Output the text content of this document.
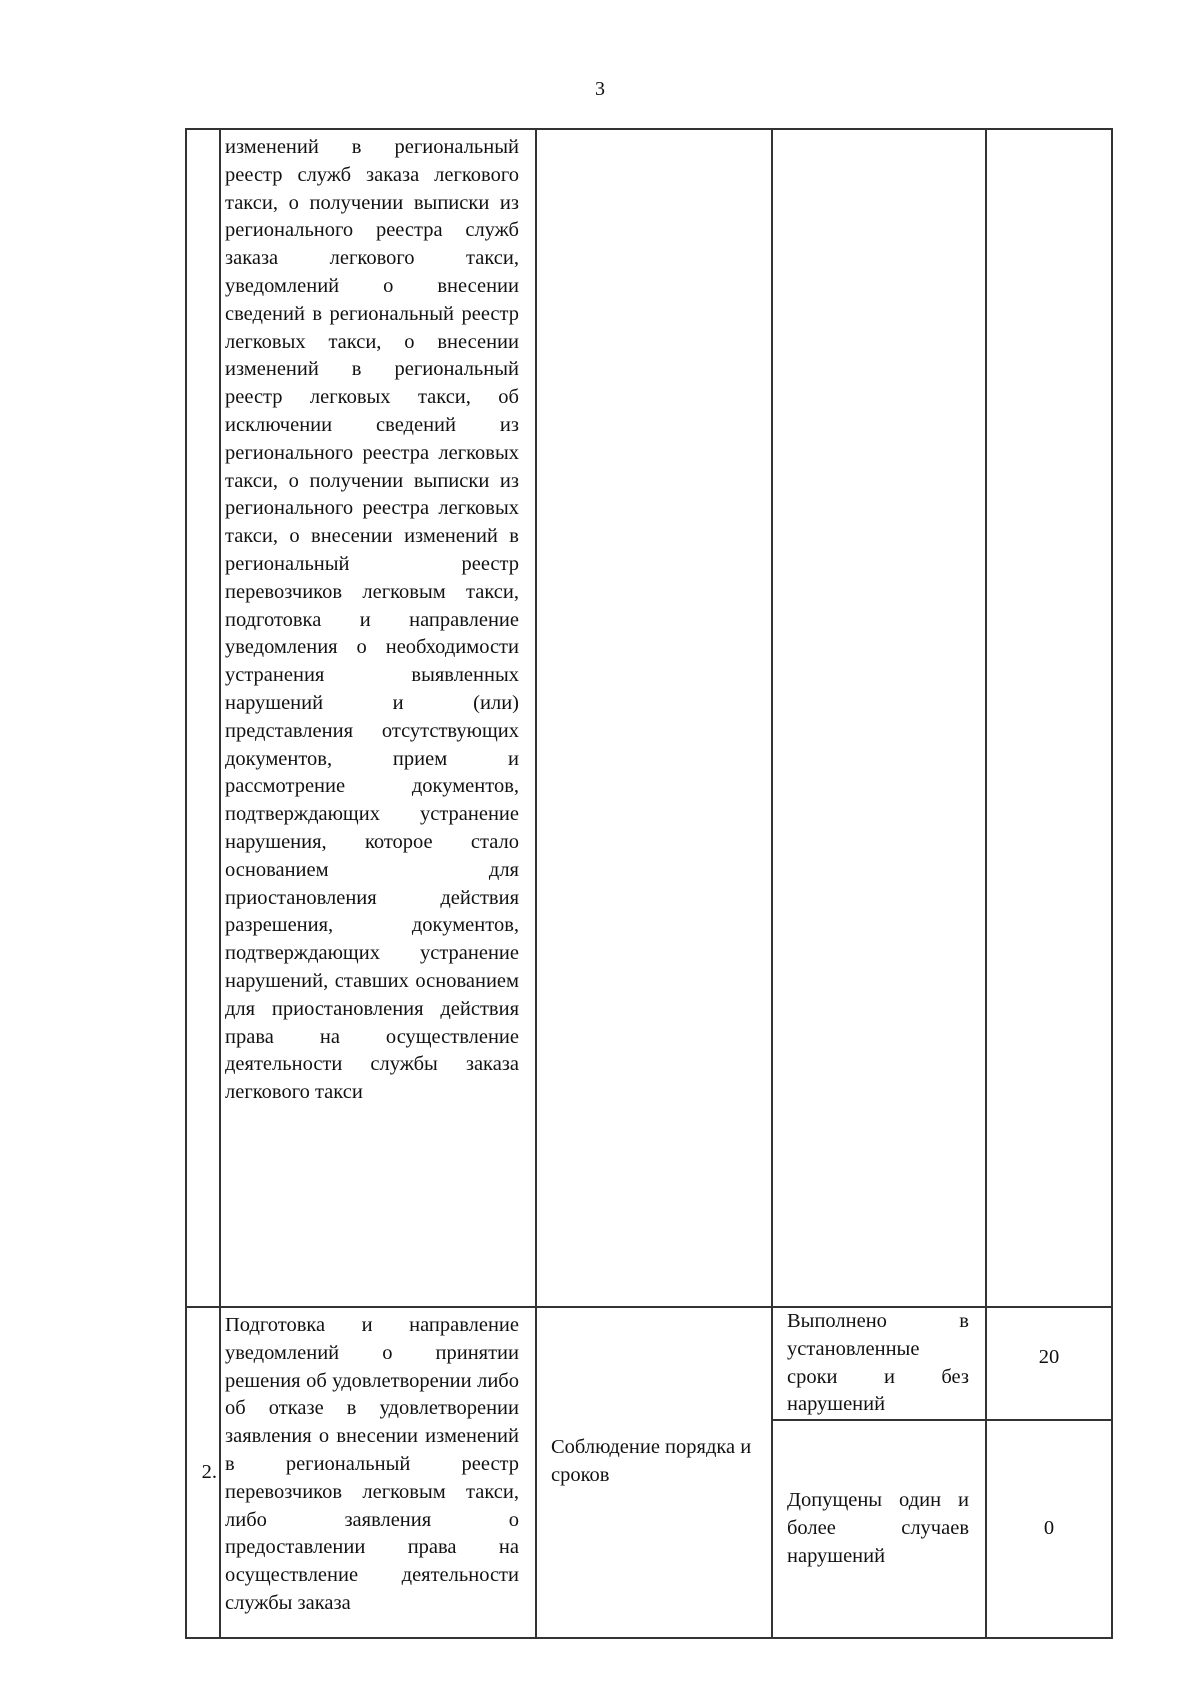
3

	изменений в региональный реестр служб заказа легкового такси, о получении выписки из регионального реестра служб заказа легкового такси, уведомлений о внесении сведений в региональный реестр легковых такси, о внесении изменений в региональный реестр легковых такси, об исключении сведений из регионального реестра легковых такси, о получении выписки из регионального реестра легковых такси, о внесении изменений в региональный реестр перевозчиков легковым такси, подготовка и направление уведомления о необходимости устранения выявленных нарушений и (или) представления отсутствующих документов, прием и рассмотрение документов, подтверждающих устранение нарушения, которое стало основанием для приостановления действия разрешения, документов, подтверждающих устранение нарушений, ставших основанием для приостановления действия права на осуществление деятельности службы заказа легкового такси			

2.	Подготовка и направление уведомлений о принятии решения об удовлетворении либо об отказе в удовлетворении заявления о внесении изменений в региональный реестр перевозчиков легковым такси, либо заявления о предоставлении права на осуществление деятельности службы заказа	Соблюдение порядка и сроков	Выполнено в установленные сроки и без нарушений	20
			Допущены один и более случаев нарушений	0
